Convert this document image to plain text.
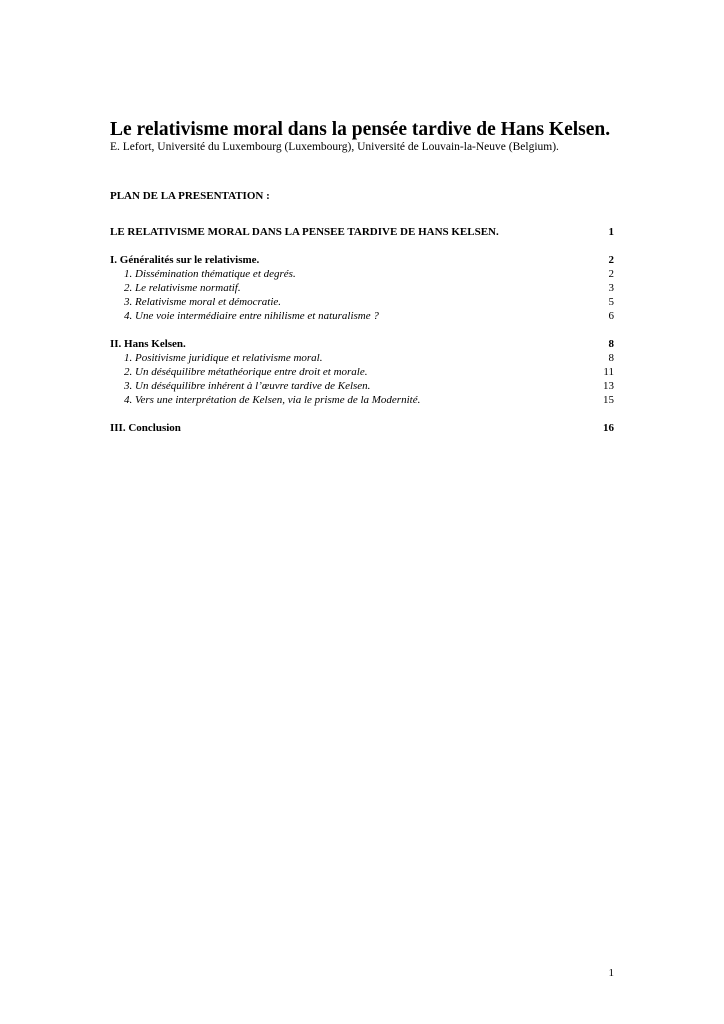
Le relativisme moral dans la pensée tardive de Hans Kelsen.
E. Lefort, Université du Luxembourg (Luxembourg), Université de Louvain-la-Neuve (Belgium).
PLAN DE LA PRESENTATION :
LE RELATIVISME MORAL DANS LA PENSEE TARDIVE DE HANS KELSEN.	1
I. Généralités sur le relativisme.	2
1. Dissémination thématique et degrés.	2
2. Le relativisme normatif.	3
3. Relativisme moral et démocratie.	5
4. Une voie intermédiaire entre nihilisme et naturalisme ?	6
II. Hans Kelsen.	8
1. Positivisme juridique et relativisme moral.	8
2. Un déséquilibre métathéorique entre droit et morale.	11
3. Un déséquilibre inhérent à l’œuvre tardive de Kelsen.	13
4. Vers une interprétation de Kelsen, via le prisme de la Modernité.	15
III. Conclusion	16
1
